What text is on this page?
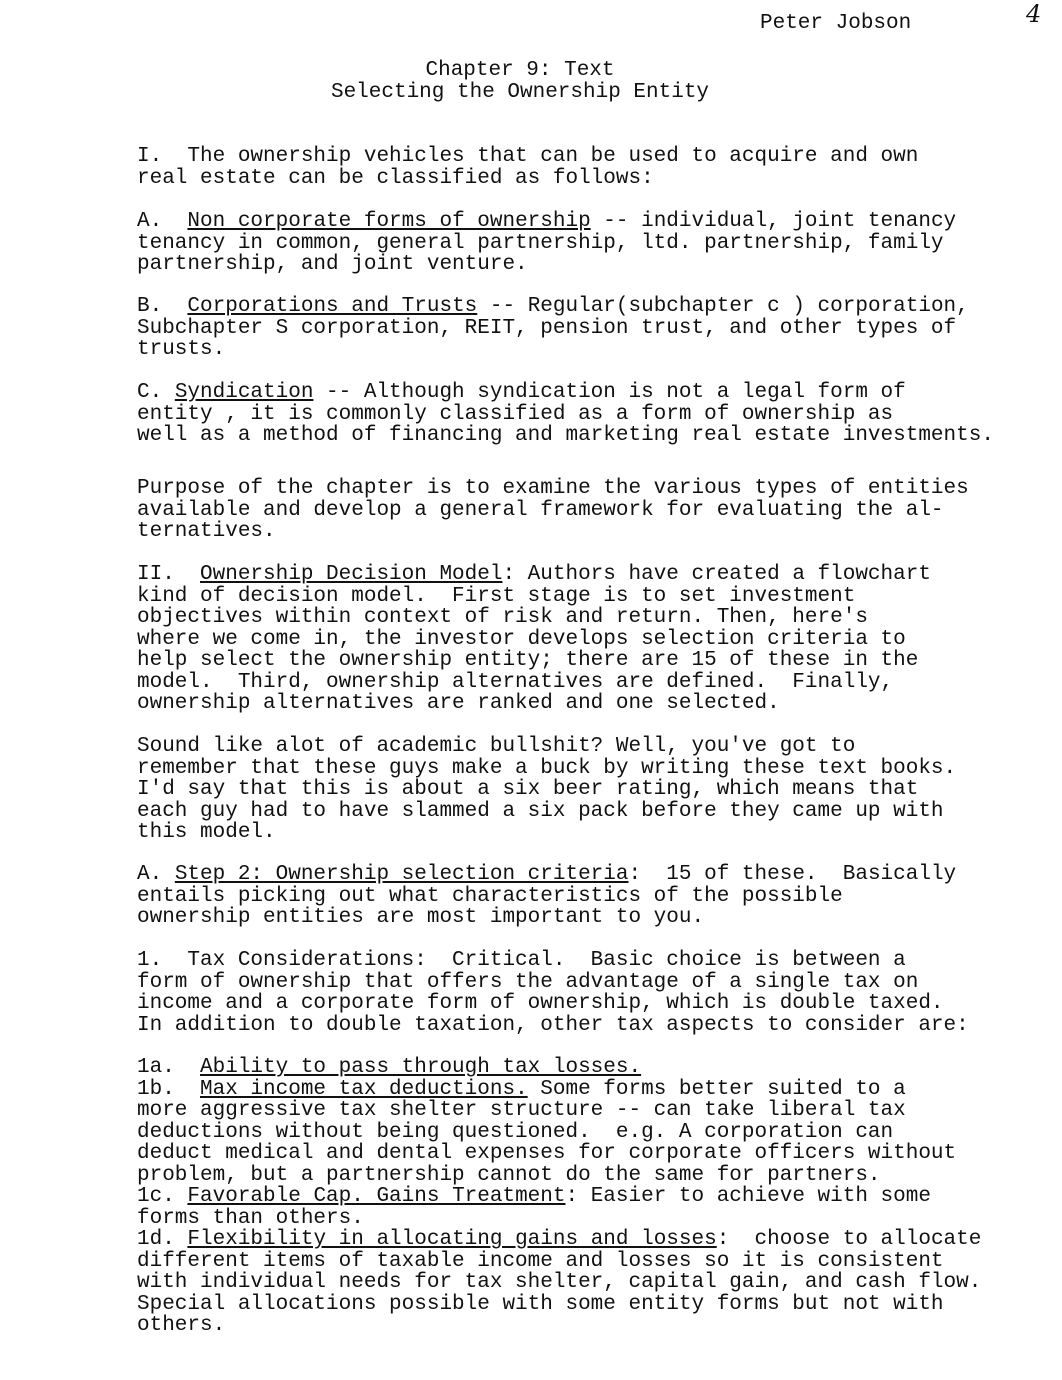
Peter Jobson	4
Chapter 9: Text
Selecting the Ownership Entity
I.  The ownership vehicles that can be used to acquire and own
real estate can be classified as follows:
A.  Non corporate forms of ownership -- individual, joint tenancy
tenancy in common, general partnership, ltd. partnership, family
partnership, and joint venture.
B.  Corporations and Trusts -- Regular(subchapter c ) corporation,
Subchapter S corporation, REIT, pension trust, and other types of
trusts.
C. Syndication -- Although syndication is not a legal form of
entity , it is commonly classified as a form of ownership as
well as a method of financing and marketing real estate investments.
Purpose of the chapter is to examine the various types of entities
available and develop a general framework for evaluating the al-
ternatives.
II.  Ownership Decision Model: Authors have created a flowchart
kind of decision model.  First stage is to set investment
objectives within context of risk and return. Then, here's
where we come in, the investor develops selection criteria to
help select the ownership entity; there are 15 of these in the
model.  Third, ownership alternatives are defined.  Finally,
ownership alternatives are ranked and one selected.
Sound like alot of academic bullshit? Well, you've got to
remember that these guys make a buck by writing these text books.
I'd say that this is about a six beer rating, which means that
each guy had to have slammed a six pack before they came up with
this model.
A. Step 2: Ownership selection criteria:  15 of these.  Basically
entails picking out what characteristics of the possible
ownership entities are most important to you.
1.  Tax Considerations:  Critical.  Basic choice is between a
form of ownership that offers the advantage of a single tax on
income and a corporate form of ownership, which is double taxed.
In addition to double taxation, other tax aspects to consider are:
1a.  Ability to pass through tax losses.
1b.  Max income tax deductions. Some forms better suited to a
more aggressive tax shelter structure -- can take liberal tax
deductions without being questioned.  e.g. A corporation can
deduct medical and dental expenses for corporate officers without
problem, but a partnership cannot do the same for partners.
1c. Favorable Cap. Gains Treatment: Easier to achieve with some
forms than others.
1d. Flexibility in allocating gains and losses:  choose to allocate
different items of taxable income and losses so it is consistent
with individual needs for tax shelter, capital gain, and cash flow.
Special allocations possible with some entity forms but not with
others.
